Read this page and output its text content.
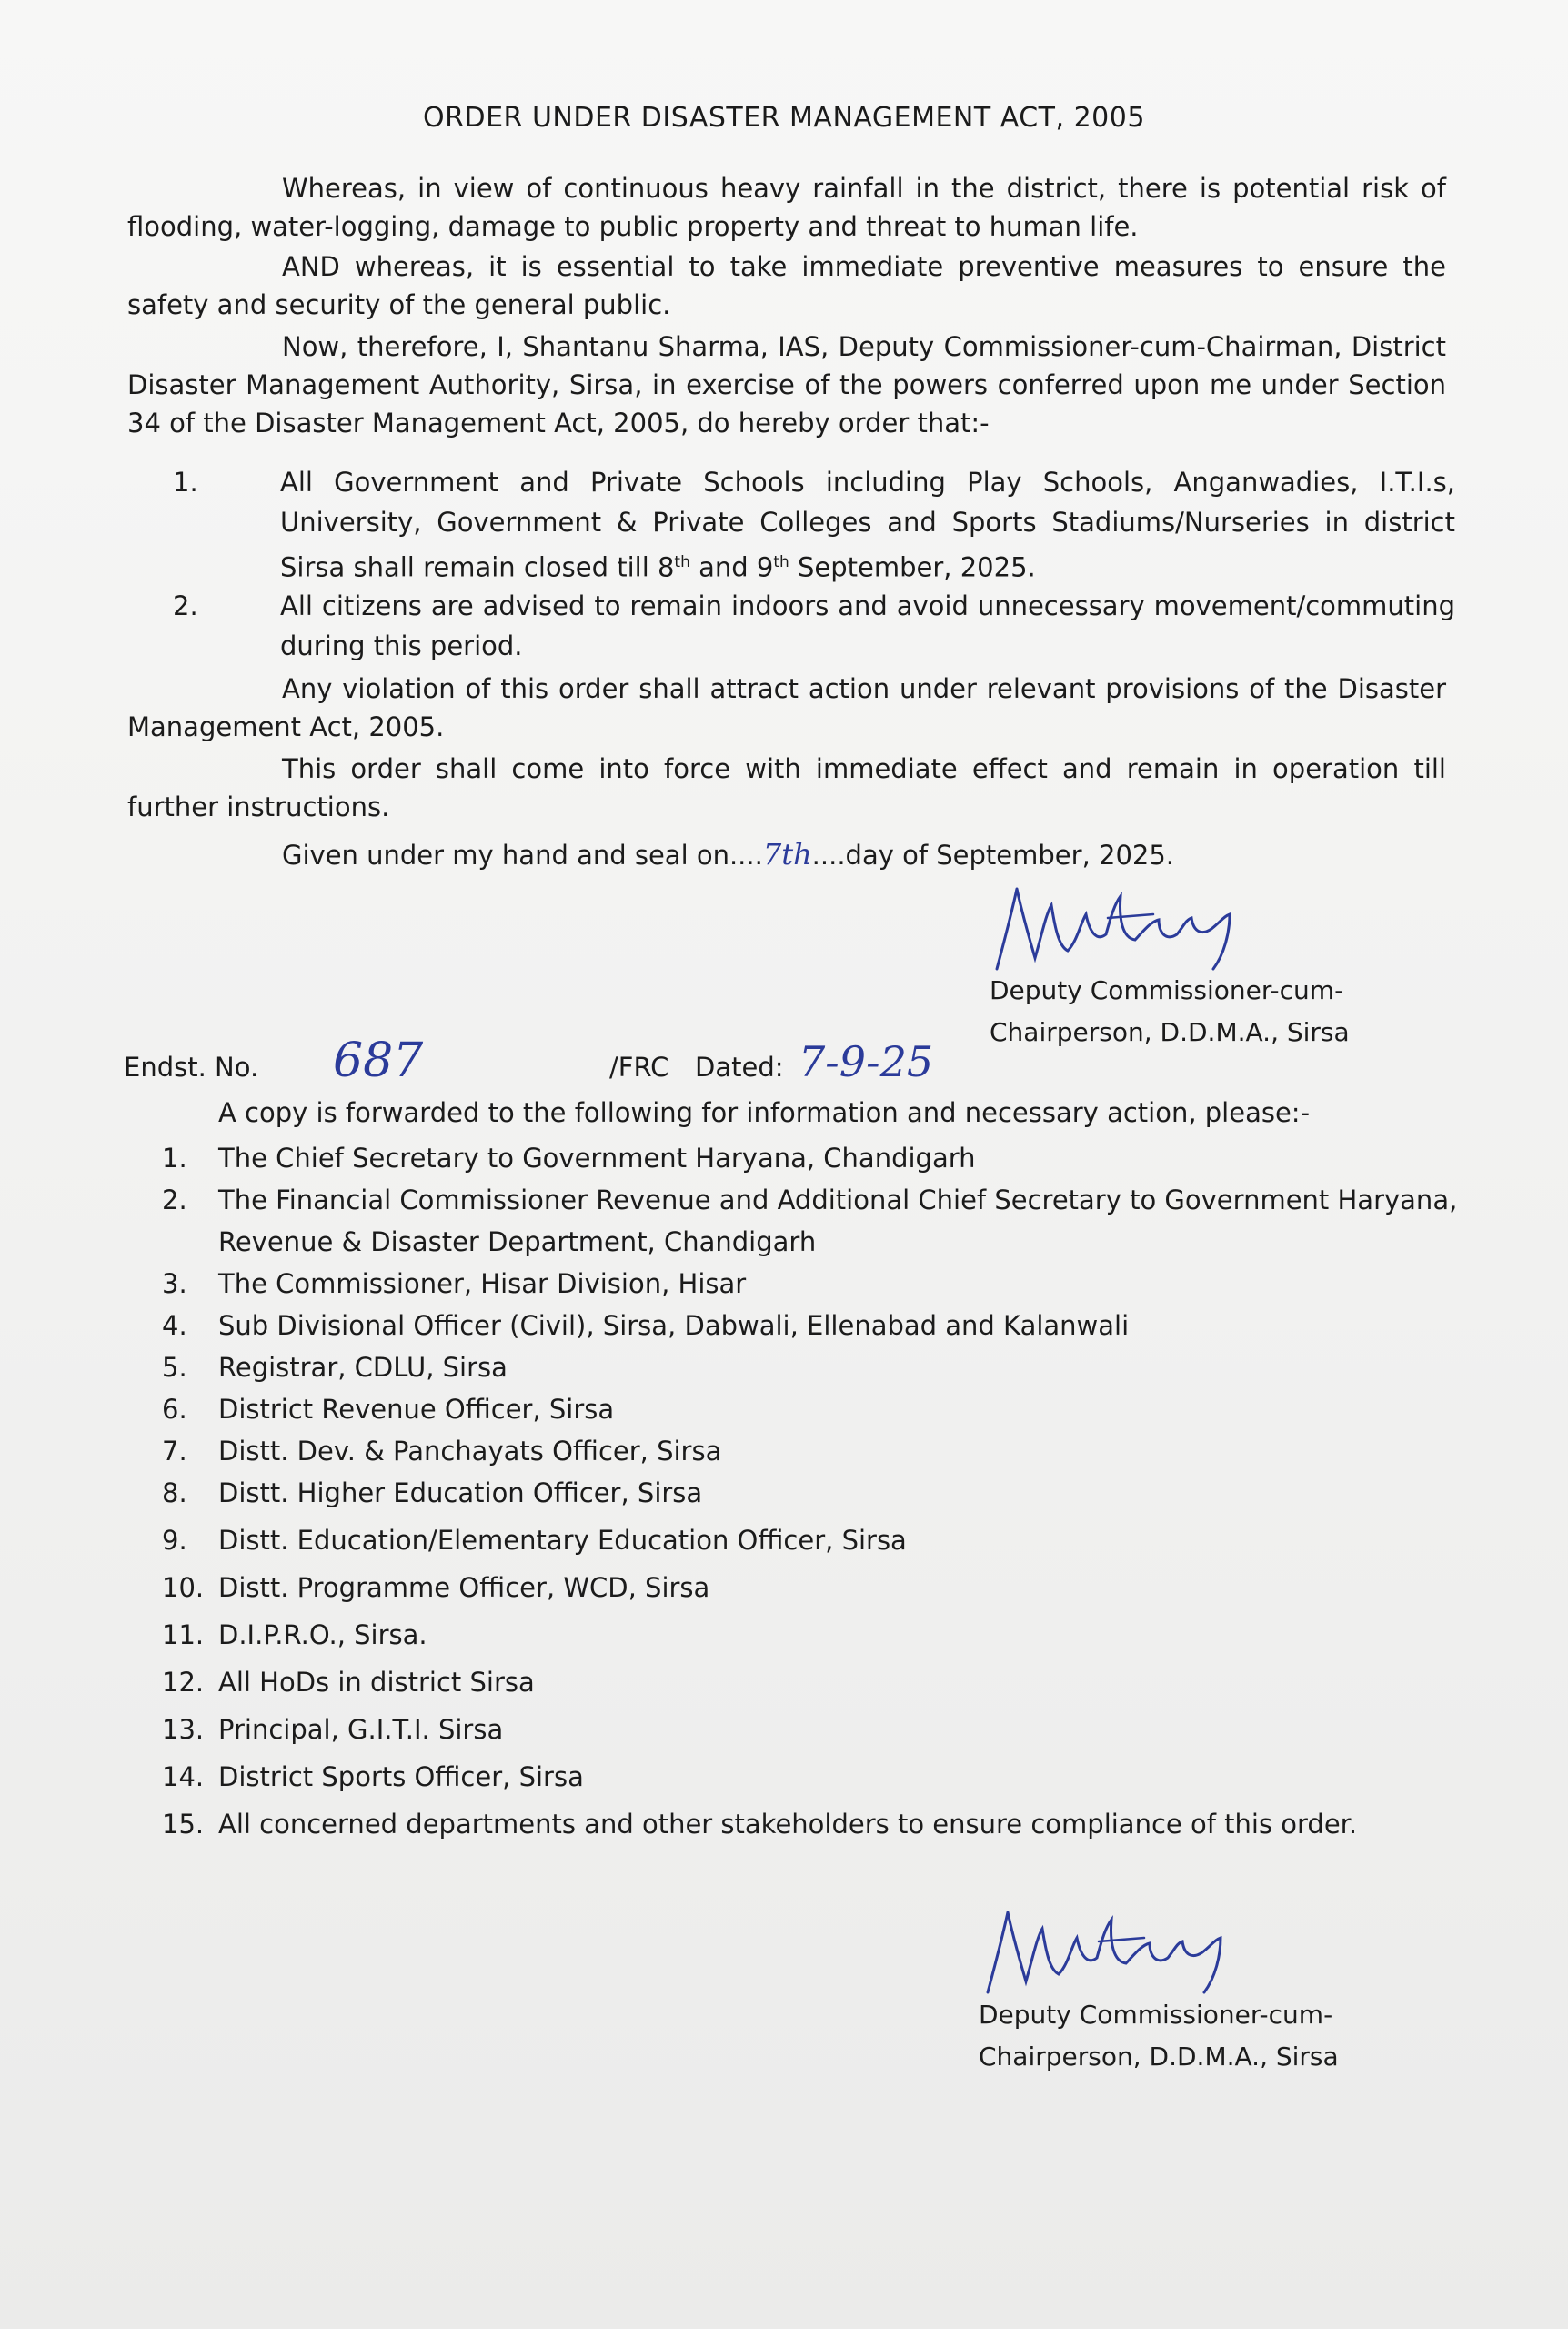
ORDER UNDER DISASTER MANAGEMENT ACT, 2005
Whereas, in view of continuous heavy rainfall in the district, there is potential risk of flooding, water-logging, damage to public property and threat to human life.
AND whereas, it is essential to take immediate preventive measures to ensure the safety and security of the general public.
Now, therefore, I, Shantanu Sharma, IAS, Deputy Commissioner-cum-Chairman, District Disaster Management Authority, Sirsa, in exercise of the powers conferred upon me under Section 34 of the Disaster Management Act, 2005, do hereby order that:-
1.	All Government and Private Schools including Play Schools, Anganwadies, I.T.I.s, University, Government & Private Colleges and Sports Stadiums/Nurseries in district Sirsa shall remain closed till 8th and 9th September, 2025.
2.	All citizens are advised to remain indoors and avoid unnecessary movement/commuting during this period.
Any violation of this order shall attract action under relevant provisions of the Disaster Management Act, 2005.
This order shall come into force with immediate effect and remain in operation till further instructions.
Given under my hand and seal on....7th....day of September, 2025.
Deputy Commissioner-cum-
Chairperson, D.D.M.A., Sirsa
Endst. No. 687	/FRC Dated: 7-9-25
A copy is forwarded to the following for information and necessary action, please:-
1. The Chief Secretary to Government Haryana, Chandigarh
2. The Financial Commissioner Revenue and Additional Chief Secretary to Government Haryana,
Revenue & Disaster Department, Chandigarh
3. The Commissioner, Hisar Division, Hisar
4. Sub Divisional Officer (Civil), Sirsa, Dabwali, Ellenabad and Kalanwali
5. Registrar, CDLU, Sirsa
6. District Revenue Officer, Sirsa
7. Distt. Dev. & Panchayats Officer, Sirsa
8. Distt. Higher Education Officer, Sirsa
9. Distt. Education/Elementary Education Officer, Sirsa
10. Distt. Programme Officer, WCD, Sirsa
11. D.I.P.R.O., Sirsa.
12. All HoDs in district Sirsa
13. Principal, G.I.T.I. Sirsa
14. District Sports Officer, Sirsa
15. All concerned departments and other stakeholders to ensure compliance of this order.
Deputy Commissioner-cum-
Chairperson, D.D.M.A., Sirsa
